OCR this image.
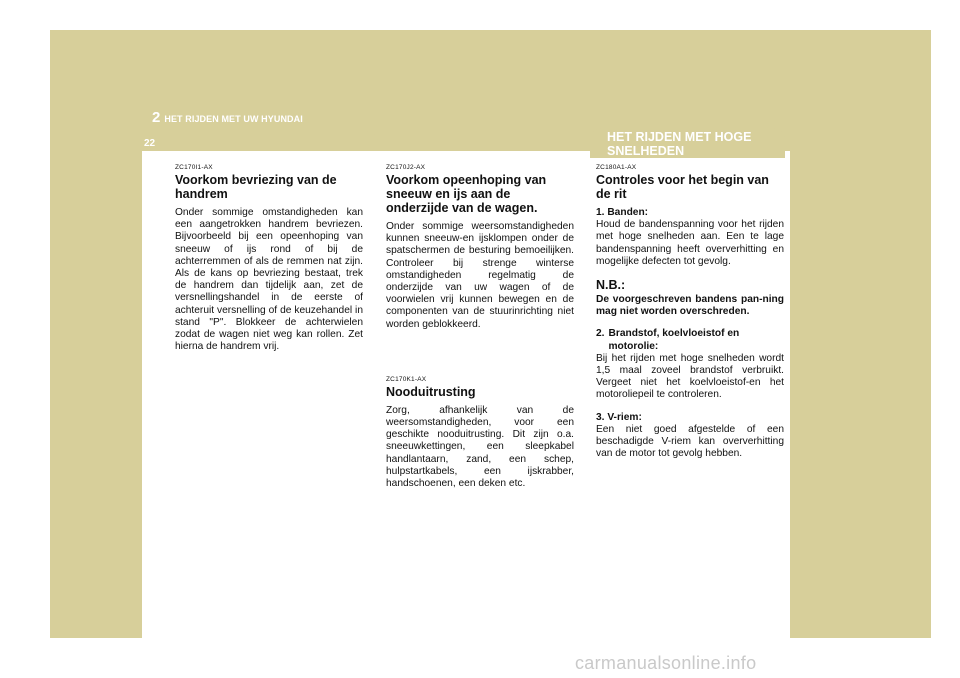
2 HET RIJDEN MET UW HYUNDAI
22	HET RIJDEN MET HOGE SNELHEDEN
ZC170I1-AX
Voorkom bevriezing van de handrem

Onder sommige omstandigheden kan een aangetrokken handrem bevriezen. Bijvoorbeeld bij een opeenhoping van sneeuw of ijs rond of bij de achterremmen of als de remmen nat zijn. Als de kans op bevriezing bestaat, trek de handrem dan tijdelijk aan, zet de versnellingshandel in de eerste of achteruit versnelling of de keuzehandel in stand "P". Blokkeer de achterwielen zodat de wagen niet weg kan rollen. Zet hierna de handrem vrij.

ZC170J2-AX
Voorkom opeenhoping van sneeuw en ijs aan de onderzijde van de wagen.

Onder sommige weersomstandigheden kunnen sneeuw-en ijsklompen onder de spatschermen de besturing bemoeilijken. Controleer bij strenge winterse omstandigheden regelmatig de onderzijde van uw wagen of de voorwielen vrij kunnen bewegen en de componenten van de stuurinrichting niet worden geblokkeerd.

ZC170K1-AX
Nooduitrusting

Zorg, afhankelijk van de weersomstandigheden, voor een geschikte nooduitrusting. Dit zijn o.a. sneeuwkettingen, een sleepkabel handlantaarn, zand, een schep, hulpstartkabels, een ijskrabber, handschoenen, een deken etc.

ZC180A1-AX
Controles voor het begin van de rit
1. Banden:

Houd de bandenspanning voor het rijden met hoge snelheden aan. Een te lage bandenspanning heeft oververhitting en mogelijke defecten tot gevolg.

N.B.:

De voorgeschreven bandens pan-ning mag niet worden overschreden.

2. Brandstof, koelvloeistof en motorolie:

Bij het rijden met hoge snelheden wordt 1,5 maal zoveel brandstof verbruikt. Vergeet niet het koelvloeistof-en het motoroliepeil te controleren.

3. V-riem:

Een niet goed afgestelde of een beschadigde V-riem kan oververhitting van de motor tot gevolg hebben.

carmanualsonline.info
